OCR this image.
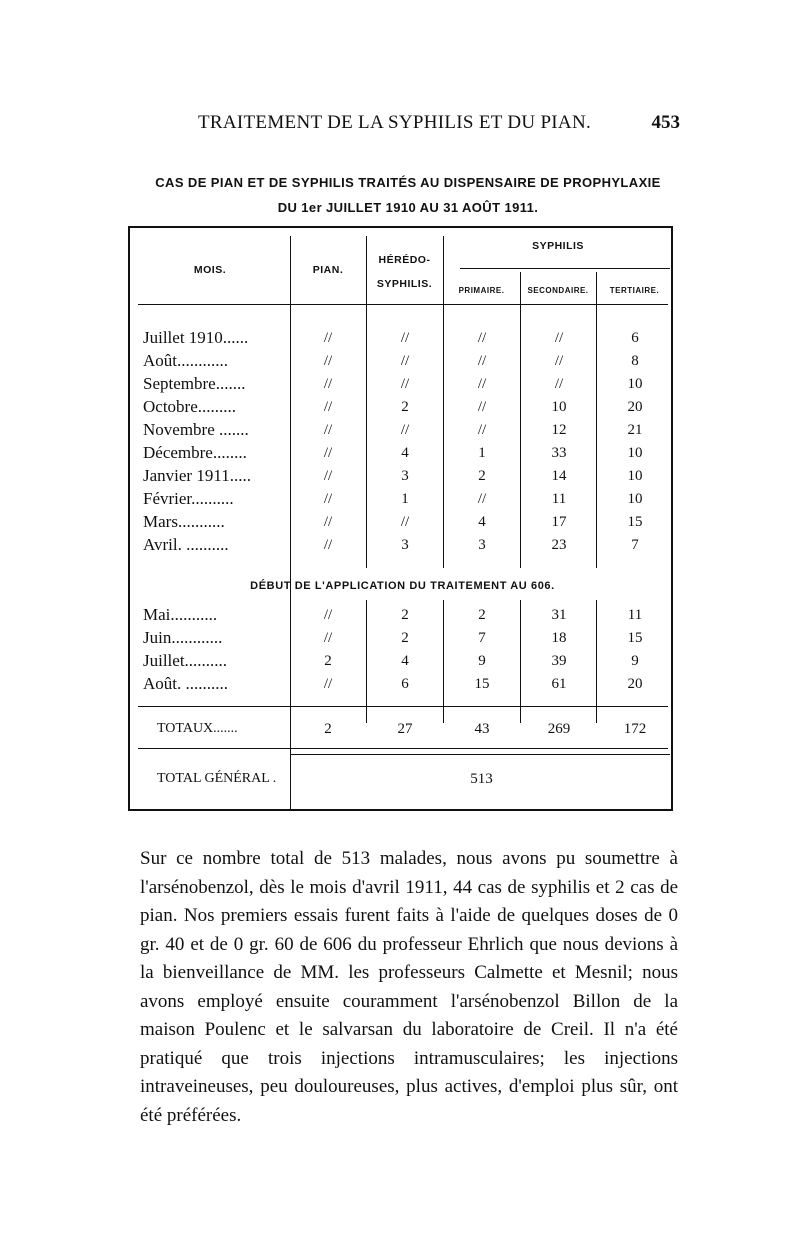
TRAITEMENT DE LA SYPHILIS ET DU PIAN.	453
CAS DE PIAN ET DE SYPHILIS TRAITÉS AU DISPENSAIRE DE PROPHYLAXIE
DU 1er JUILLET 1910 AU 31 AOÛT 1911.
MOIS.	PIAN.
HÉRÉDO-
SYPHILIS.
SYPHILIS
PRIMAIRE.	SECONDAIRE.	TERTIAIRE.
Juillet 1910......	//	//	//	//	6
Août............	//	//	//	//	8
Septembre.......	//	//	//	//	10
Octobre.........	//	2	//	10	20
Novembre .......	//	//	//	12	21
Décembre........	//	4	1	33	10
Janvier 1911.....	//	3	2	14	10
Février..........	//	1	//	11	10
Mars...........	//	//	4	17	15
Avril. ..........	//	3	3	23	7
DÉBUT DE L'APPLICATION DU TRAITEMENT AU 606.
Mai...........	//	2	2	31	11
Juin............	//	2	7	18	15
Juillet..........	2	4	9	39	9
Août. ..........	//	6	15	61	20
TOTAUX.......	2	27	43	269	172
TOTAL GÉNÉRAL .	513

Sur ce nombre total de 513 malades, nous avons pu soumettre à l'arsénobenzol, dès le mois d'avril 1911, 44 cas de syphilis et 2 cas de pian. Nos premiers essais furent faits à l'aide de quelques doses de 0 gr. 40 et de 0 gr. 60 de 606 du professeur Ehrlich que nous devions à la bienveillance de MM. les professeurs Calmette et Mesnil; nous avons employé ensuite couramment l'arsénobenzol Billon de la maison Poulenc et le salvarsan du laboratoire de Creil. Il n'a été pratiqué que trois injections intramusculaires; les injections intraveineuses, peu douloureuses, plus actives, d'emploi plus sûr, ont été préférées.
